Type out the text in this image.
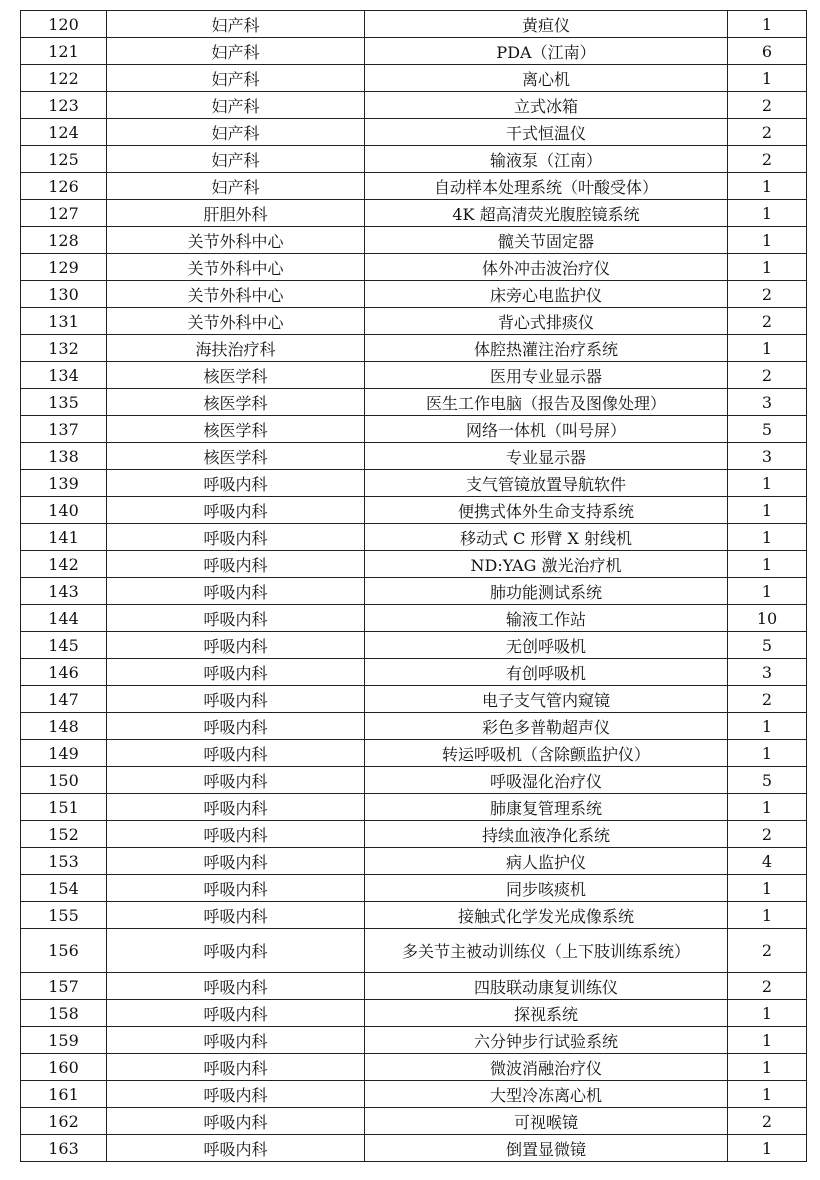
120	妇产科	黄疸仪	1
121	妇产科	PDA（江南）	6
122	妇产科	离心机	1
123	妇产科	立式冰箱	2
124	妇产科	干式恒温仪	2
125	妇产科	输液泵（江南）	2
126	妇产科	自动样本处理系统（叶酸受体）	1
127	肝胆外科	4K 超高清荧光腹腔镜系统	1
128	关节外科中心	髋关节固定器	1
129	关节外科中心	体外冲击波治疗仪	1
130	关节外科中心	床旁心电监护仪	2
131	关节外科中心	背心式排痰仪	2
132	海扶治疗科	体腔热灌注治疗系统	1
134	核医学科	医用专业显示器	2
135	核医学科	医生工作电脑（报告及图像处理）	3
137	核医学科	网络一体机（叫号屏）	5
138	核医学科	专业显示器	3
139	呼吸内科	支气管镜放置导航软件	1
140	呼吸内科	便携式体外生命支持系统	1
141	呼吸内科	移动式 C 形臂 X 射线机	1
142	呼吸内科	ND:YAG 激光治疗机	1
143	呼吸内科	肺功能测试系统	1
144	呼吸内科	输液工作站	10
145	呼吸内科	无创呼吸机	5
146	呼吸内科	有创呼吸机	3
147	呼吸内科	电子支气管内窥镜	2
148	呼吸内科	彩色多普勒超声仪	1
149	呼吸内科	转运呼吸机（含除颤监护仪）	1
150	呼吸内科	呼吸湿化治疗仪	5
151	呼吸内科	肺康复管理系统	1
152	呼吸内科	持续血液净化系统	2
153	呼吸内科	病人监护仪	4
154	呼吸内科	同步咳痰机	1
155	呼吸内科	接触式化学发光成像系统	1
156	呼吸内科	多关节主被动训练仪（上下肢训练系统）	2
157	呼吸内科	四肢联动康复训练仪	2
158	呼吸内科	探视系统	1
159	呼吸内科	六分钟步行试验系统	1
160	呼吸内科	微波消融治疗仪	1
161	呼吸内科	大型冷冻离心机	1
162	呼吸内科	可视喉镜	2
163	呼吸内科	倒置显微镜	1
